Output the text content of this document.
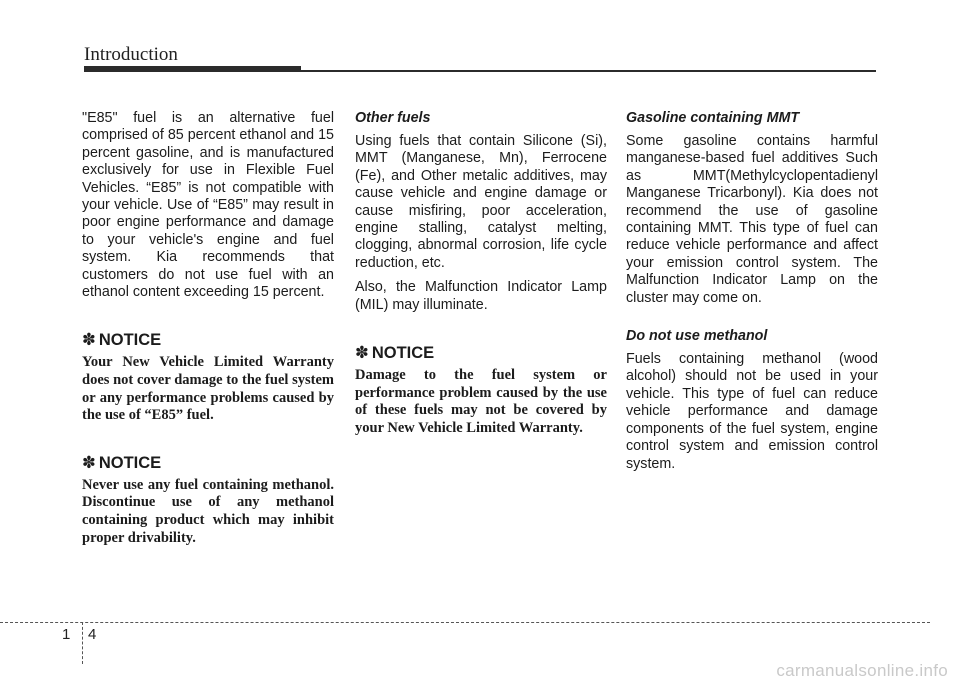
Introduction

"E85" fuel is an alternative fuel comprised of 85 percent ethanol and 15 percent gasoline, and is manufactured exclusively for use in Flexible Fuel Vehicles. “E85” is not compatible with your vehicle. Use of “E85” may result in poor engine performance and damage to your vehicle's engine and fuel system. Kia recommends that customers do not use fuel with an ethanol content exceeding 15 percent.

✽ NOTICE

Your New Vehicle Limited Warranty does not cover damage to the fuel system or any performance problems caused by the use of “E85” fuel.

✽ NOTICE

Never use any fuel containing methanol. Discontinue use of any methanol containing product which may inhibit proper drivability.

Other fuels

Using fuels that contain Silicone (Si), MMT (Manganese, Mn), Ferrocene (Fe), and Other metalic additives, may cause vehicle and engine damage or cause misfiring, poor acceleration, engine stalling, catalyst melting, clogging, abnormal corrosion, life cycle reduction, etc.

Also, the Malfunction Indicator Lamp (MIL) may illuminate.

✽ NOTICE

Damage to the fuel system or performance problem caused by the use of these fuels may not be covered by your New Vehicle Limited Warranty.

Gasoline containing MMT

Some gasoline contains harmful manganese-based fuel additives Such as MMT(Methylcyclopentadienyl Manganese Tricarbonyl). Kia does not recommend the use of gasoline containing MMT. This type of fuel can reduce vehicle performance and affect your emission control system. The Malfunction Indicator Lamp on the cluster may come on.

Do not use methanol

Fuels containing methanol (wood alcohol) should not be used in your vehicle. This type of fuel can reduce vehicle performance and damage components of the fuel system, engine control system and emission control system.

1 4
carmanualsonline.info
